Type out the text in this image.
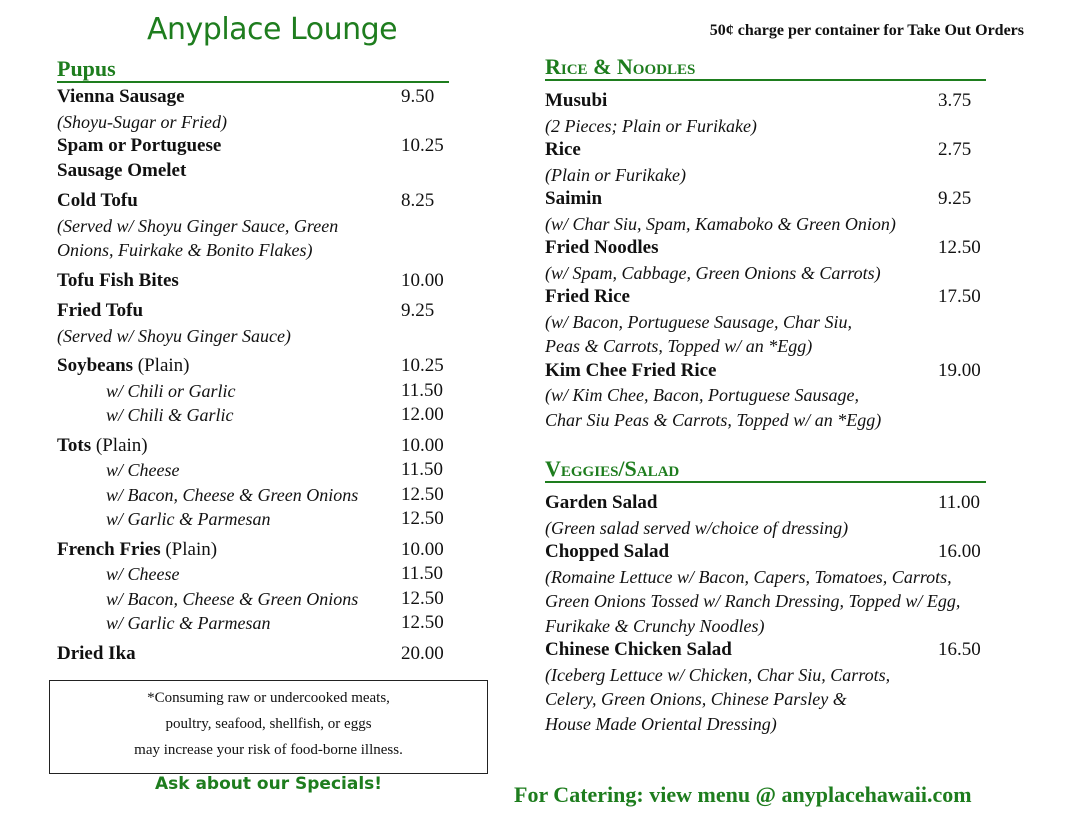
Anyplace Lounge	50¢ charge per container for Take Out Orders
Pupus
Vienna Sausage	9.50
(Shoyu-Sugar or Fried)
Spam or Portuguese	10.25
Sausage Omelet
Cold Tofu	8.25
(Served w/ Shoyu Ginger Sauce, Green
Onions, Fuirkake & Bonito Flakes)
Tofu Fish Bites	10.00
Fried Tofu	9.25
(Served w/ Shoyu Ginger Sauce)
Soybeans (Plain)	10.25
w/ Chili or Garlic	11.50
w/ Chili & Garlic	12.00
Tots (Plain)	10.00
w/ Cheese	11.50
w/ Bacon, Cheese & Green Onions 12.50
w/ Garlic & Parmesan	12.50
French Fries (Plain)	10.00
w/ Cheese	11.50
w/ Bacon, Cheese & Green Onions 12.50
w/ Garlic & Parmesan	12.50
Dried Ika	20.00
*Consuming raw or undercooked meats,
poultry, seafood, shellfish, or eggs
may increase your risk of food-borne illness.
Ask about our Specials!
Rice & Noodles
Musubi	3.75
(2 Pieces; Plain or Furikake)
Rice	2.75
(Plain or Furikake)
Saimin	9.25
(w/ Char Siu, Spam, Kamaboko & Green Onion)
Fried Noodles	12.50
(w/ Spam, Cabbage, Green Onions & Carrots)
Fried Rice	17.50
(w/ Bacon, Portuguese Sausage, Char Siu,
Peas & Carrots, Topped w/ an *Egg)
Kim Chee Fried Rice	19.00
(w/ Kim Chee, Bacon, Portuguese Sausage,
Char Siu Peas & Carrots, Topped w/ an *Egg)
Veggies/Salad
Garden Salad	11.00
(Green salad served w/choice of dressing)
Chopped Salad	16.00
(Romaine Lettuce w/ Bacon, Capers, Tomatoes, Carrots,
Green Onions Tossed w/ Ranch Dressing, Topped w/ Egg,
Furikake & Crunchy Noodles)
Chinese Chicken Salad	16.50
(Iceberg Lettuce w/ Chicken, Char Siu, Carrots,
Celery, Green Onions, Chinese Parsley &
House Made Oriental Dressing)
For Catering: view menu @ anyplacehawaii.com
